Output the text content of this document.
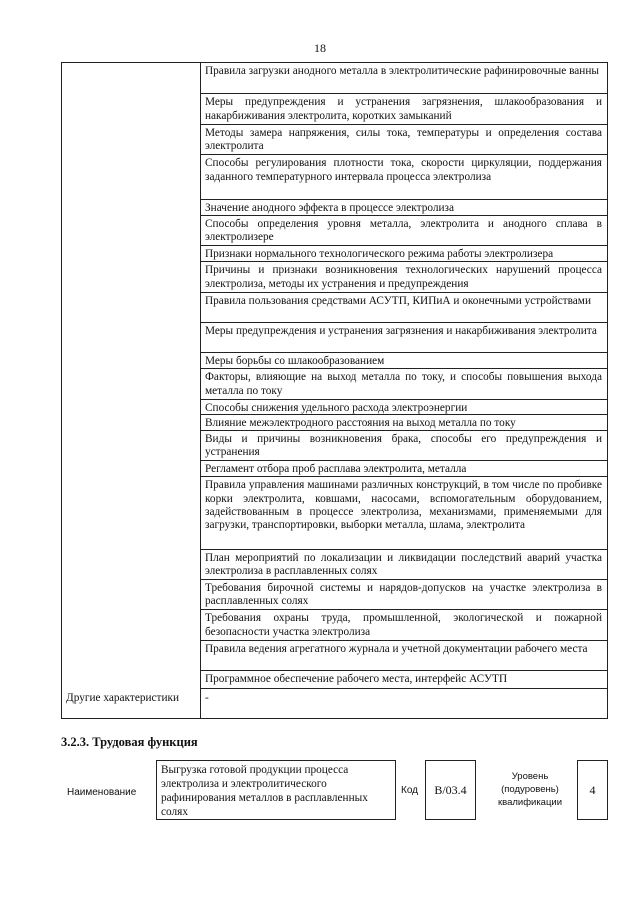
18
Правила загрузки анодного металла в электролитические рафинировочные ванны
Меры предупреждения и устранения загрязнения, шлакообразования и накарбиживания электролита, коротких замыканий
Методы замера напряжения, силы тока, температуры и определения состава электролита
Способы регулирования плотности тока, скорости циркуляции, поддержания заданного температурного интервала процесса электролиза
Значение анодного эффекта в процессе электролиза
Способы определения уровня металла, электролита и анодного сплава в электролизере
Признаки нормального технологического режима работы электролизера
Причины и признаки возникновения технологических нарушений процесса электролиза, методы их устранения и предупреждения
Правила пользования средствами АСУТП, КИПиА и оконечными устройствами
Меры предупреждения и устранения загрязнения и накарбиживания электролита
Меры борьбы со шлакообразованием
Факторы, влияющие на выход металла по току, и способы повышения выхода металла по току
Способы снижения удельного расхода электроэнергии
Влияние межэлектродного расстояния на выход металла по току
Виды и причины возникновения брака, способы его предупреждения и устранения
Регламент отбора проб расплава электролита, металла
Правила управления машинами различных конструкций, в том числе по пробивке корки электролита, ковшами, насосами, вспомогательным оборудованием, задействованным в процессе электролиза, механизмами, применяемыми для загрузки, транспортировки, выборки металла, шлама, электролита
План мероприятий по локализации и ликвидации последствий аварий участка электролиза в расплавленных солях
Требования бирочной системы и нарядов-допусков на участке электролиза в расплавленных солях
Требования охраны труда, промышленной, экологической и пожарной безопасности участка электролиза
Правила ведения агрегатного журнала и учетной документации рабочего места
Программное обеспечение рабочего места, интерфейс АСУТП
Другие характеристики	-
3.2.3. Трудовая функция
Наименование
Выгрузка готовой продукции процесса электролиза и электролитического рафинирования металлов в расплавленных солях
Код	B/03.4
Уровень (подуровень) квалификации
4
